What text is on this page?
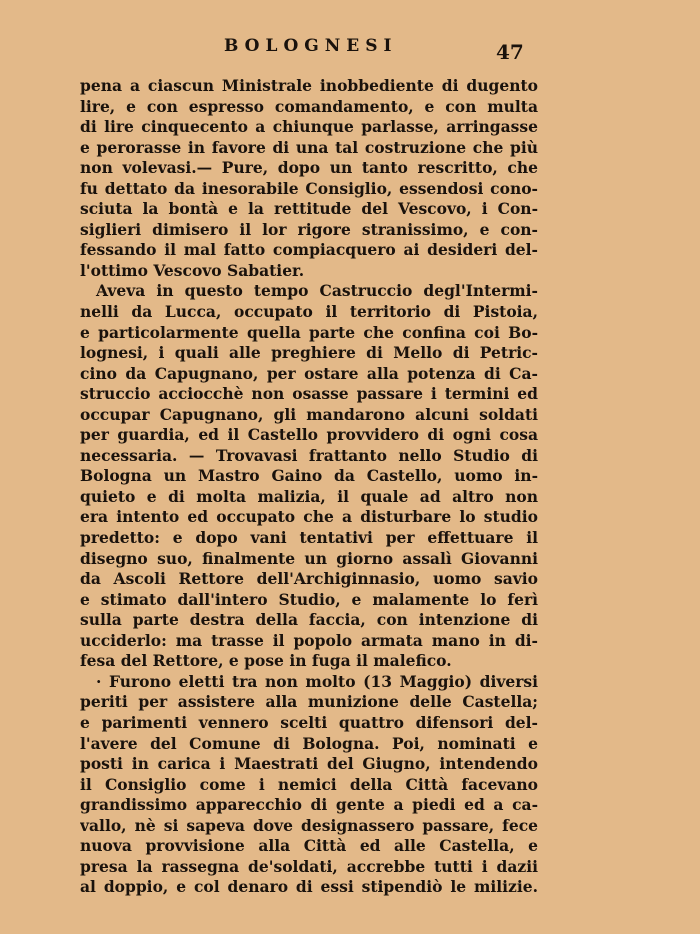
BOLOGNESI	47
pena a ciascun Ministrale inobbediente di dugento
lire, e con espresso comandamento, e con multa
di lire cinquecento a chiunque parlasse, arringasse
e perorasse in favore di una tal costruzione che più
non volevasi.— Pure, dopo un tanto rescritto, che
fu dettato da inesorabile Consiglio, essendosi cono-
sciuta la bontà e la rettitude del Vescovo, i Con-
siglieri dimisero il lor rigore stranissimo, e con-
fessando il mal fatto compiacquero ai desideri del-
l'ottimo Vescovo Sabatier.
Aveva in questo tempo Castruccio degl'Intermi-
nelli da Lucca, occupato il territorio di Pistoia,
e particolarmente quella parte che confina coi Bo-
lognesi, i quali alle preghiere di Mello di Petric-
cino da Capugnano, per ostare alla potenza di Ca-
struccio acciocchè non osasse passare i termini ed
occupar Capugnano, gli mandarono alcuni soldati
per guardia, ed il Castello provvidero di ogni cosa
necessaria. — Trovavasi frattanto nello Studio di
Bologna un Mastro Gaino da Castello, uomo in-
quieto e di molta malizia, il quale ad altro non
era intento ed occupato che a disturbare lo studio
predetto: e dopo vani tentativi per effettuare il
disegno suo, finalmente un giorno assalì Giovanni
da Ascoli Rettore dell'Archiginnasio, uomo savio
e stimato dall'intero Studio, e malamente lo ferì
sulla parte destra della faccia, con intenzione di
ucciderlo: ma trasse il popolo armata mano in di-
fesa del Rettore, e pose in fuga il malefico.
· Furono eletti tra non molto (13 Maggio) diversi
periti per assistere alla munizione delle Castella;
e parimenti vennero scelti quattro difensori del-
l'avere del Comune di Bologna. Poi, nominati e
posti in carica i Maestrati del Giugno, intendendo
il Consiglio come i nemici della Città facevano
grandissimo apparecchio di gente a piedi ed a ca-
vallo, nè si sapeva dove designassero passare, fece
nuova provvisione alla Città ed alle Castella, e
presa la rassegna de'soldati, accrebbe tutti i dazii
al doppio, e col denaro di essi stipendiò le milizie.
